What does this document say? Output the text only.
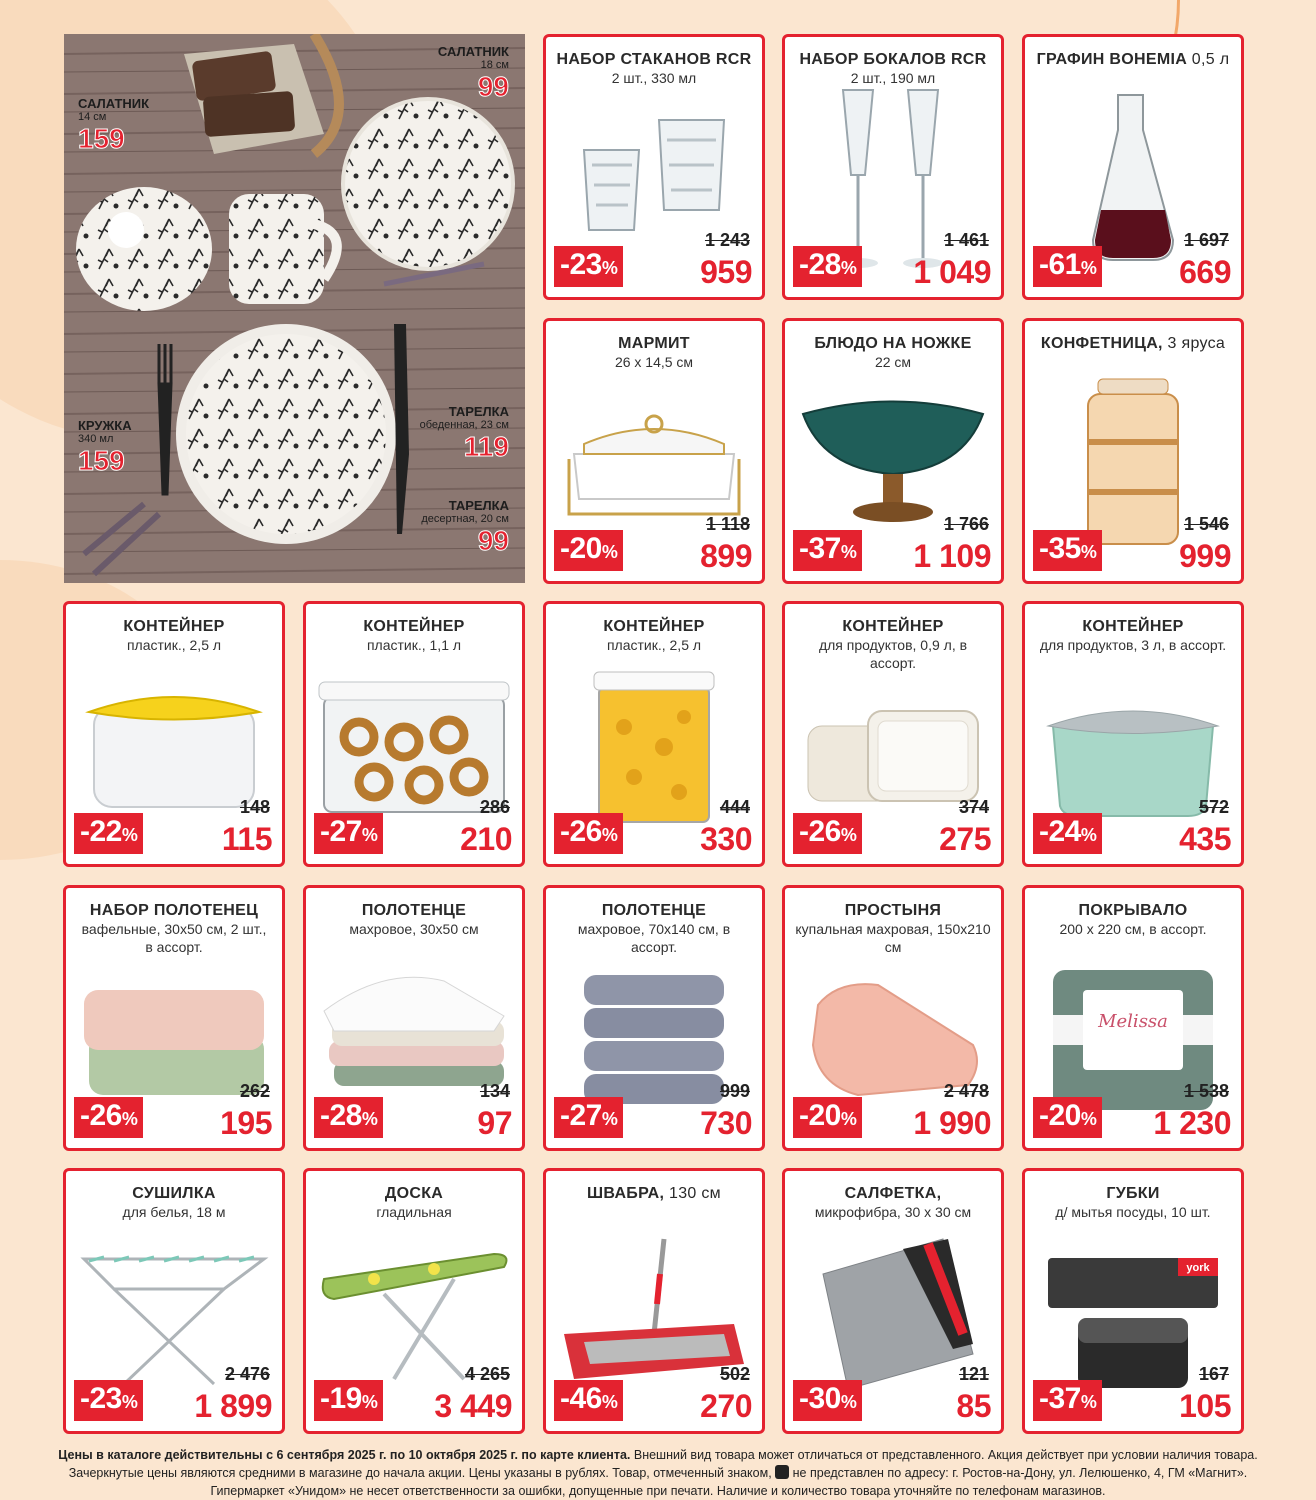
САЛАТНИК
18 см
99
САЛАТНИК
14 см
159
КРУЖКА
340 мл
159
ТАРЕЛКА
обеденная, 23 см
119
ТАРЕЛКА
десертная, 20 см
99
НАБОР СТАКАНОВ RCR
2 шт., 330 мл
1 243
-23%	959
НАБОР БОКАЛОВ RCR
2 шт., 190 мл
1 461
-28% 1 049
ГРАФИН BOHEMIA 0,5 л
1 697
-61%	669
МАРМИТ
26 х 14,5 см
1 118
-20%	899
БЛЮДО НА НОЖКЕ
22 см
1 766
-37% 1 109
КОНФЕТНИЦА, 3 яруса
1 546
-35%	999
КОНТЕЙНЕР
пластик., 2,5 л
148
-22%	115
КОНТЕЙНЕР
пластик., 1,1 л
286
-27%	210
КОНТЕЙНЕР
пластик., 2,5 л
444
-26%	330
КОНТЕЙНЕР
для продуктов, 0,9 л, в ассорт.
374
-26%	275
КОНТЕЙНЕР
для продуктов, 3 л, в ассорт.
572
-24%	435
НАБОР ПОЛОТЕНЕЦ
вафельные, 30х50 см, 2 шт., в ассорт.
262
-26%	195
ПОЛОТЕНЦЕ
махровое, 30х50 см
134
-28%	97
ПОЛОТЕНЦЕ
махровое, 70х140 см, в ассорт.
999
-27%	730
ПРОСТЫНЯ
купальная махровая, 150х210 см
2 478
-20% 1 990
ПОКРЫВАЛО
200 х 220 см, в ассорт.
Melissa
1 538
-20% 1 230
СУШИЛКА
для белья, 18 м
2 476
-23% 1 899
ДОСКА
гладильная
4 265
-19% 3 449
ШВАБРА, 130 см
502
-46%	270
САЛФЕТКА,
микрофибра, 30 х 30 см
121
-30%	85
ГУБКИ
д/ мытья посуды, 10 шт.
york
167
-37%	105
Цены в каталоге действительны с 6 сентября 2025 г. по 10 октября 2025 г. по карте клиента. Внешний вид товара может отличаться от представленного. Акция действует при условии наличия товара.
Зачеркнутые цены являются средними в магазине до начала акции. Цены указаны в рублях. Товар, отмеченный знаком,  не представлен по адресу: г. Ростов-на-Дону, ул. Лелюшенко, 4, ГМ «Магнит».
Гипермаркет «Унидом» не несет ответственности за ошибки, допущенные при печати. Наличие и количество товара уточняйте по телефонам магазинов.
